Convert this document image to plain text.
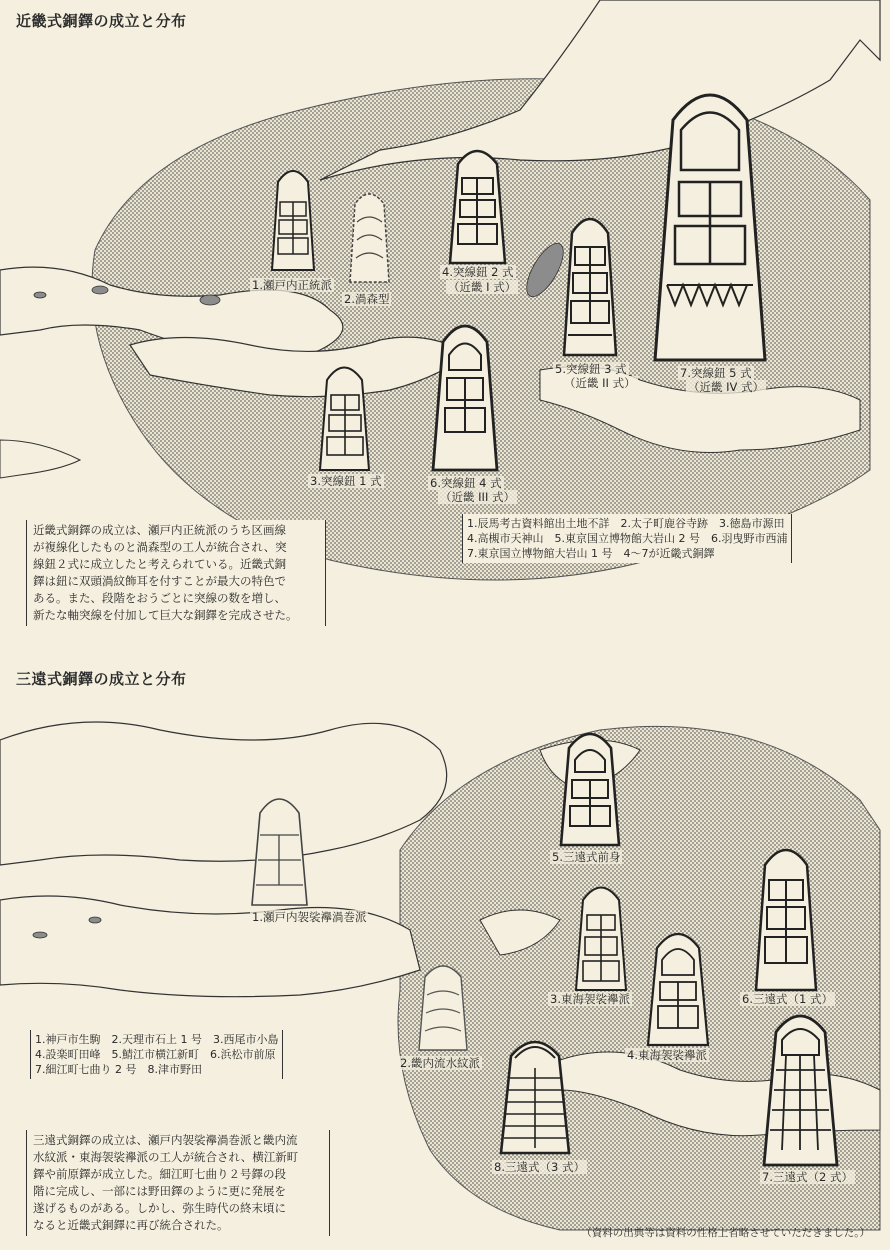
近畿式銅鐸の成立と分布
1.瀬戸内正統派
2.渦森型
4.突線鈕 2 式
（近畿 I 式）
5.突線鈕 3 式
（近畿 II 式）
7.突線鈕 5 式
（近畿 IV 式）
3.突線鈕 1 式	6.突線鈕 4 式
（近畿 III 式）
1.辰馬考古資料館出土地不詳　2.太子町鹿谷寺跡　3.徳島市源田
4.高槻市天神山　5.東京国立博物館大岩山 2 号　6.羽曳野市西浦
7.東京国立博物館大岩山 1 号　4～7が近畿式銅鐸
近畿式銅鐸の成立は、瀬戸内正統派のうち区画線
が複線化したものと渦森型の工人が統合され、突
線鈕２式に成立したと考えられている。近畿式銅
鐸は鈕に双頭渦紋飾耳を付すことが最大の特色で
ある。また、段階をおうごとに突線の数を増し、
新たな軸突線を付加して巨大な銅鐸を完成させた。
三遠式銅鐸の成立と分布
1.瀬戸内袈裟襷渦巻派
5.三遠式前身
6.三遠式（1 式）
3.東海袈裟襷派
4.東海袈裟襷派
2.畿内流水紋派
8.三遠式（3 式）
7.三遠式（2 式）
1.神戸市生駒　2.天理市石上 1 号　3.西尾市小島
4.設楽町田峰　5.鯖江市横江新町　6.浜松市前原
7.細江町七曲り 2 号　8.津市野田
三遠式銅鐸の成立は、瀬戸内袈裟襷渦巻派と畿内流
水紋派・東海袈裟襷派の工人が統合され、横江新町
鐸や前原鐸が成立した。細江町七曲り２号鐸の段
階に完成し、一部には野田鐸のように更に発展を
遂げるものがある。しかし、弥生時代の終末頃に
なると近畿式銅鐸に再び統合された。
（資料の出典等は資料の性格上省略させていただきました。）
